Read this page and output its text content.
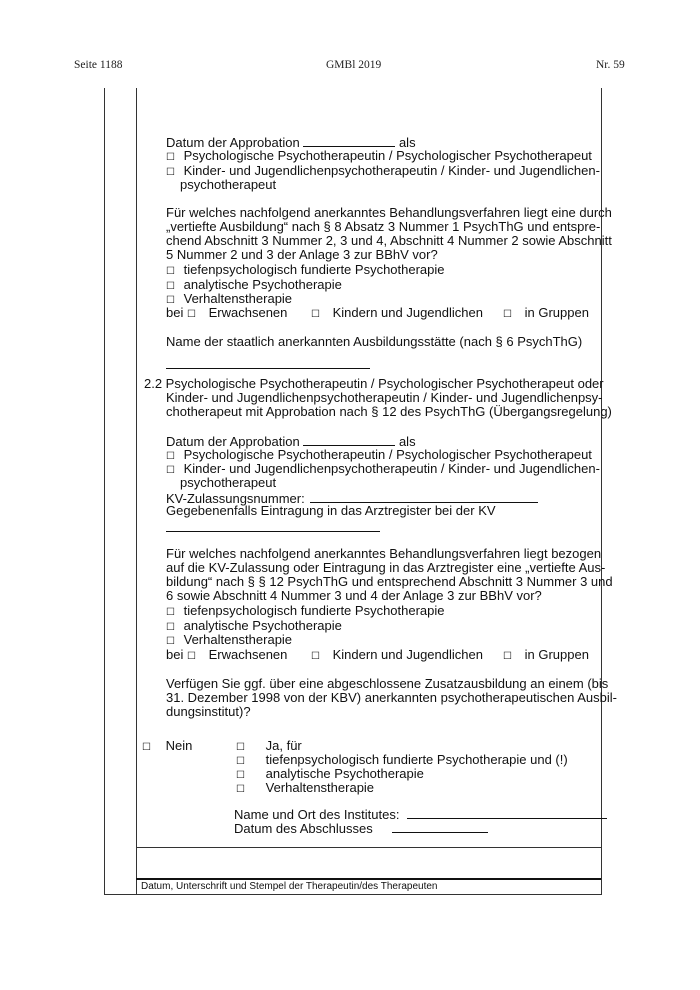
Seite 1188	GMBl 2019	Nr. 59
Datum der Approbation	als
☐ Psychologische Psychotherapeutin / Psychologischer Psychotherapeut
☐ Kinder- und Jugendlichenpsychotherapeutin / Kinder- und Jugendlichen-
psychotherapeut
Für welches nachfolgend anerkanntes Behandlungsverfahren liegt eine durch
„vertiefte Ausbildung“ nach § 8 Absatz 3 Nummer 1 PsychThG und entspre-
chend Abschnitt 3 Nummer 2, 3 und 4, Abschnitt 4 Nummer 2 sowie Abschnitt
5 Nummer 2 und 3 der Anlage 3 zur BBhV vor?
☐ tiefenpsychologisch fundierte Psychotherapie
☐ analytische Psychotherapie
☐ Verhaltenstherapie
bei ☐ Erwachsenen ☐ Kindern und Jugendlichen ☐ in Gruppen
Name der staatlich anerkannten Ausbildungsstätte (nach § 6 PsychThG)
2.2 Psychologische Psychotherapeutin / Psychologischer Psychotherapeut oder
Kinder- und Jugendlichenpsychotherapeutin / Kinder- und Jugendlichenpsy-
chotherapeut mit Approbation nach § 12 des PsychThG (Übergangsregelung)
Datum der Approbation	als
☐ Psychologische Psychotherapeutin / Psychologischer Psychotherapeut
☐ Kinder- und Jugendlichenpsychotherapeutin / Kinder- und Jugendlichen-
psychotherapeut
KV-Zulassungsnummer:
Gegebenenfalls Eintragung in das Arztregister bei der KV
Für welches nachfolgend anerkanntes Behandlungsverfahren liegt bezogen
auf die KV-Zulassung oder Eintragung in das Arztregister eine „vertiefte Aus-
bildung“ nach § § 12 PsychThG und entsprechend Abschnitt 3 Nummer 3 und
6 sowie Abschnitt 4 Nummer 3 und 4 der Anlage 3 zur BBhV vor?
☐ tiefenpsychologisch fundierte Psychotherapie
☐ analytische Psychotherapie
☐ Verhaltenstherapie
bei ☐ Erwachsenen ☐ Kindern und Jugendlichen ☐ in Gruppen
Verfügen Sie ggf. über eine abgeschlossene Zusatzausbildung an einem (bis
31. Dezember 1998 von der KBV) anerkannten psychotherapeutischen Ausbil-
dungsinstitut)?
☐ Nein	☐ Ja, für
☐ tiefenpsychologisch fundierte Psychotherapie und (!)
☐ analytische Psychotherapie
☐ Verhaltenstherapie
Name und Ort des Institutes:
Datum des Abschlusses
Datum, Unterschrift und Stempel der Therapeutin/des Therapeuten
